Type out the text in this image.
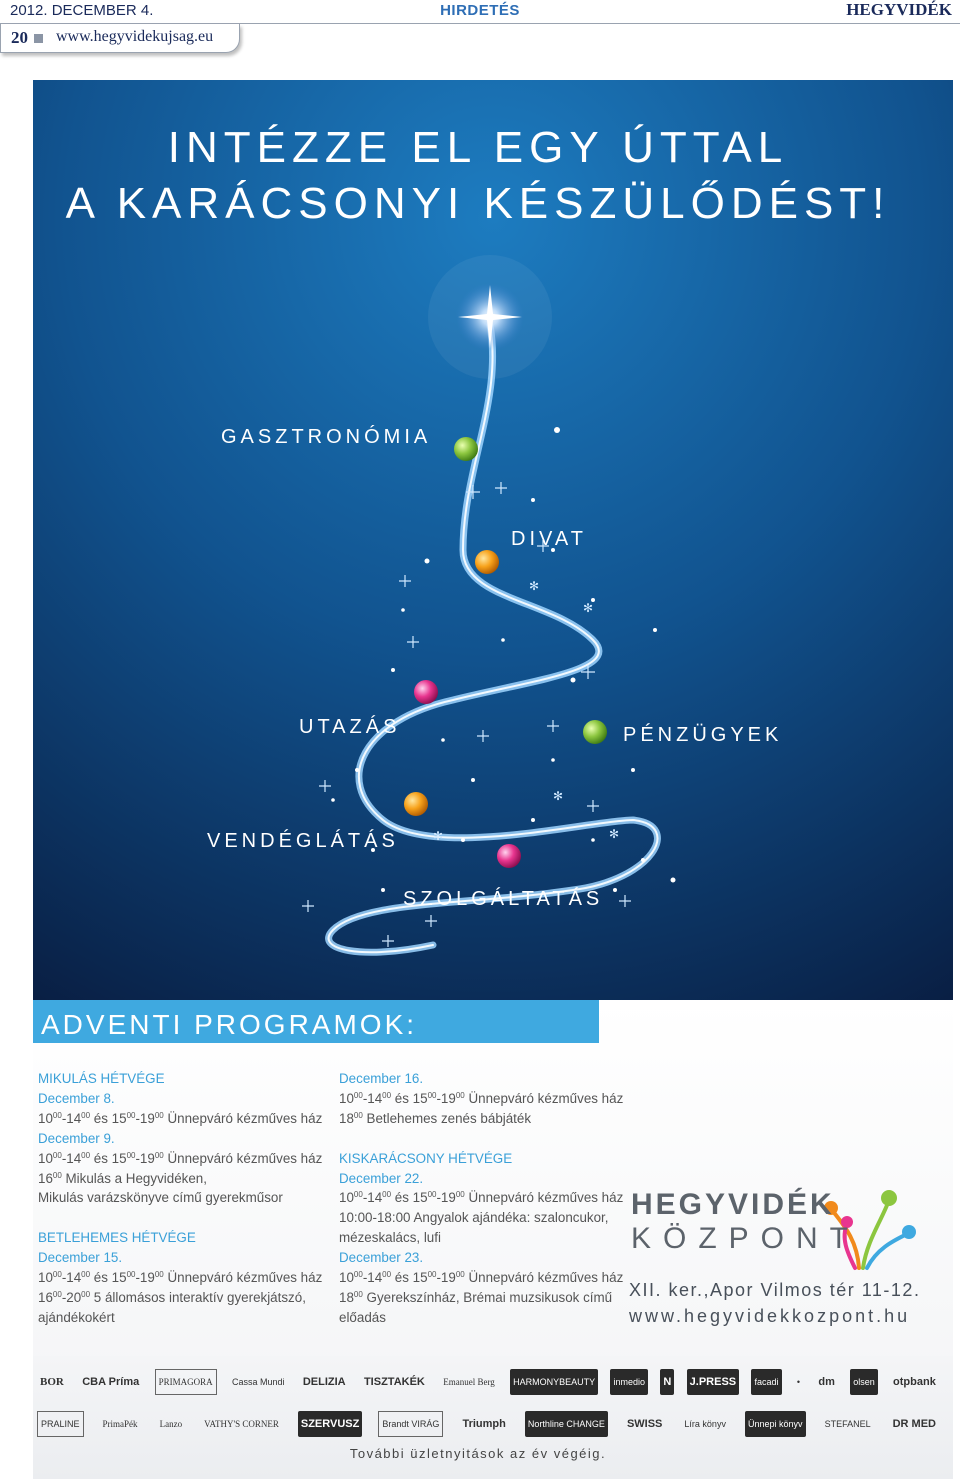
2012. DECEMBER 4.	HIRDETÉS	HEGYVIDÉK
20 www.hegyvidekujsag.eu
✻
✻
✻	✻
✻
INTÉZZE EL EGY ÚTTAL
A KARÁCSONYI KÉSZÜLŐDÉST!
GASZTRONÓMIA
DIVAT
UTAZÁS	PÉNZÜGYEK
VENDÉGLÁTÁS
SZOLGÁLTATÁS
ADVENTI PROGRAMOK:
MIKULÁS HÉTVÉGE
December 8.
$10^{00}-14^{00}$ és $15^{00}-19^{00}$ Ünnepváró kézműves ház
December 9.
$10^{00}-14^{00}$ és $15^{00}-19^{00}$ Ünnepváró kézműves ház
$16^{00}$ Mikulás a Hegyvidéken,
Mikulás varázskönyve című gyerekműsor
BETLEHEMES HÉTVÉGE
December 15.
$10^{00}-14^{00}$ és $15^{00}-19^{00}$ Ünnepváró kézműves ház
$16^{00}-20^{00}$ 5 állomásos interaktív gyerekjátszó,
ajándékokért
December 16.
$10^{00}-14^{00}$ és $15^{00}-19^{00}$ Ünnepváró kézműves ház
$18^{00}$ Betlehemes zenés bábjáték
KISKARÁCSONY HÉTVÉGE
December 22.
$10^{00}-14^{00}$ és $15^{00}-19^{00}$ Ünnepváró kézműves ház
10:00-18:00 Angyalok ajándéka: szaloncukor,
mézeskalács, lufi
December 23.
$10^{00}-14^{00}$ és $15^{00}-19^{00}$ Ünnepváró kézműves ház
$18^{00}$ Gyerekszínház, Brémai muzsikusok című
előadás
HEGYVIDÉK
KÖZPONT
XII. ker.,Apor Vilmos tér 11-12.
www.hegyvidekkozpont.hu
BOR CBA Príma	PRIMAGORA	Cassa Mundi DELIZIA TISZTAKÉK	Emanuel Berg	HARMONYBEAUTY	inmedio N J.PRESS	facadi	• dm	olsen otpbank
PRALINE	PrimaPék	Lanzo	VATHY'S CORNER SZERVUSZ	Brandt VIRÁG	Triumph	Northline CHANGE SWISS	Líra könyv	Ünnepi könyv	STEFANEL DR MED
További üzletnyitások az év végéig.
